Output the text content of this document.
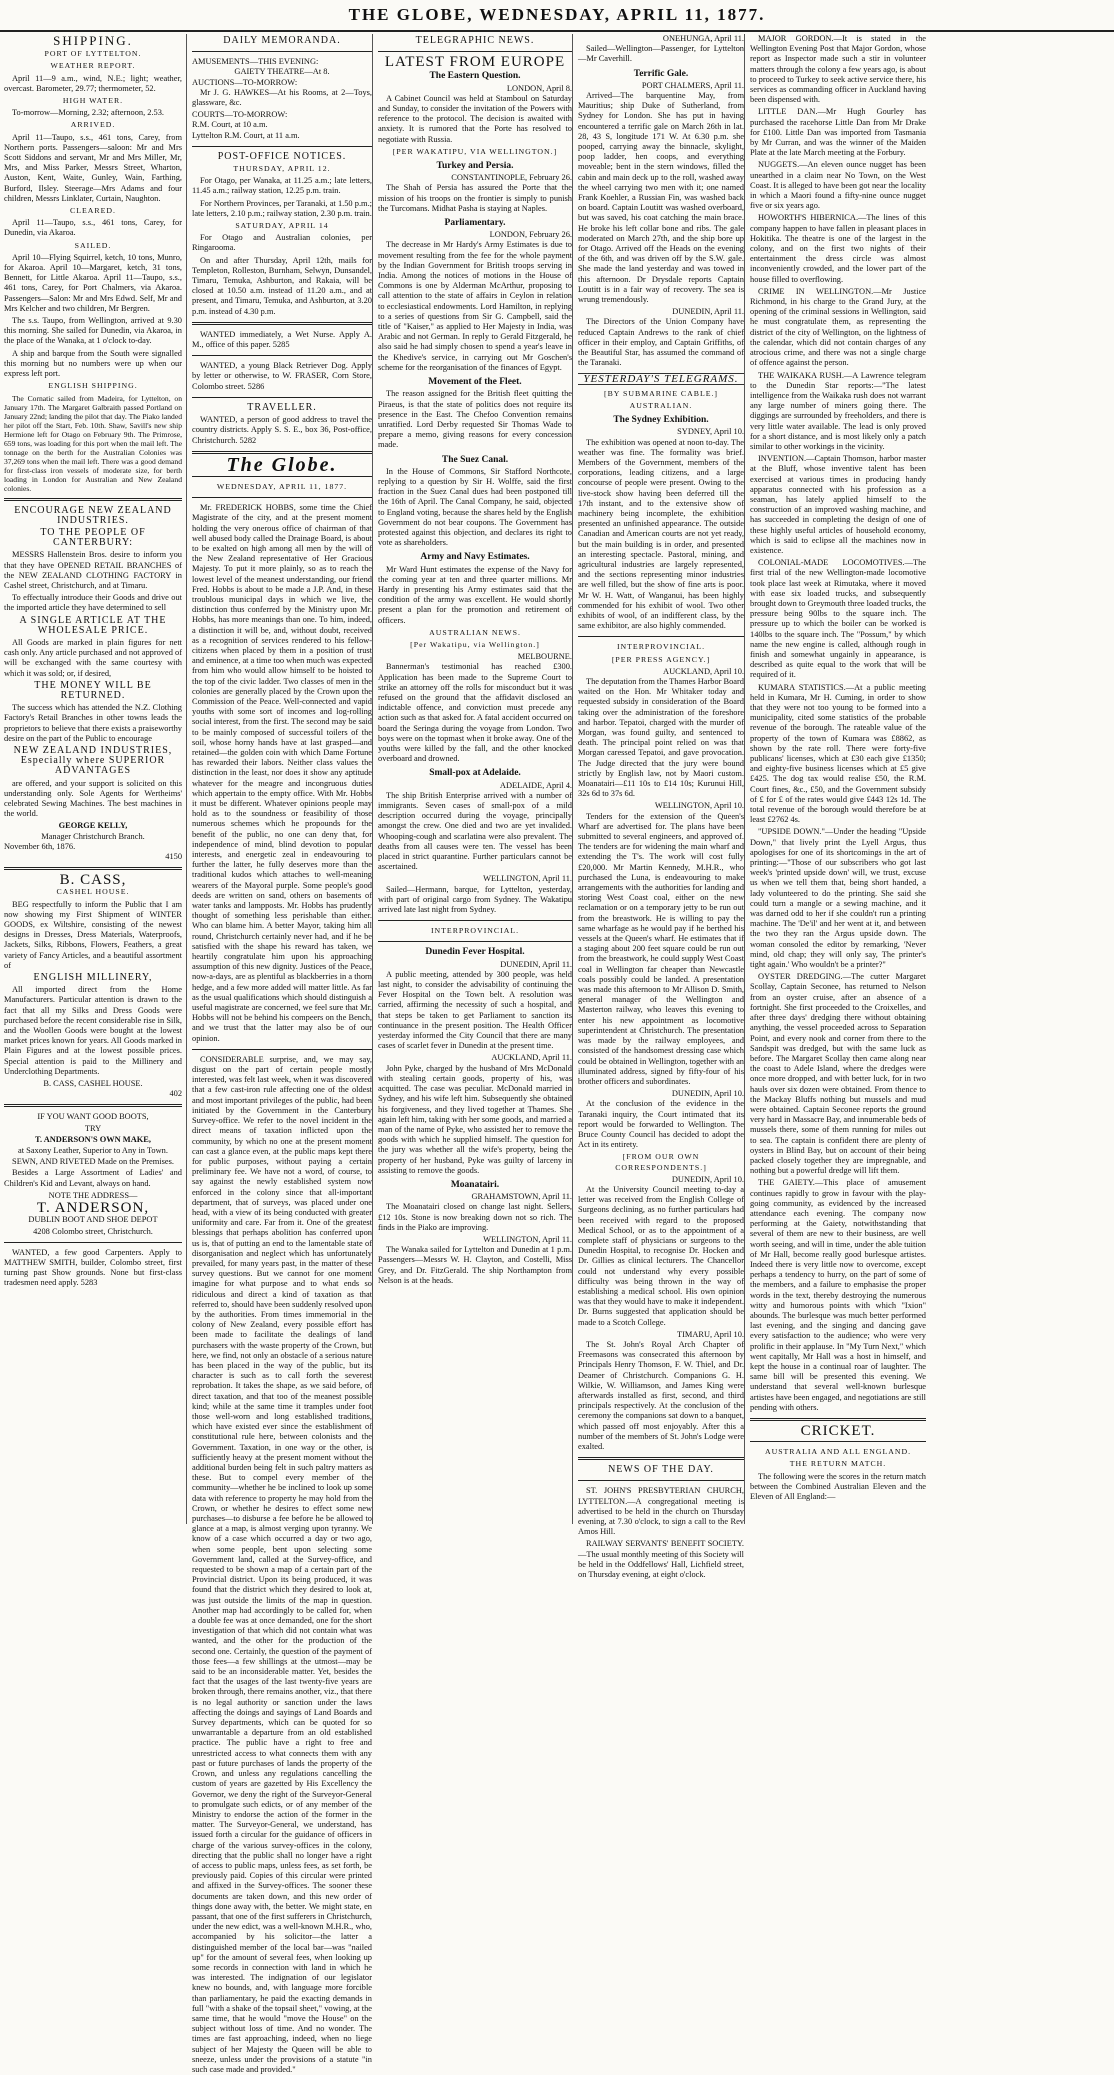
THE GLOBE, WEDNESDAY, APRIL 11, 1877.
SHIPPING.
PORT OF LYTTELTON.
WEATHER REPORT.

April 11—9 a.m., wind, N.E.; light; weather, overcast. Barometer, 29.77; thermometer, 52.

HIGH WATER.

To-morrow—Morning, 2.32; afternoon, 2.53.

ARRIVED.

April 11—Taupo, s.s., 461 tons, Carey, from Northern ports. Passengers—saloon: Mr and Mrs Scott Siddons and servant, Mr and Mrs Miller, Mr, Mrs, and Miss Parker, Messrs Street, Wharton, Auston, Kent, Waite, Gunley, Wain, Farthing, Burford, Ilsley. Steerage—Mrs Adams and four children, Messrs Linklater, Curtain, Naughton.

CLEARED.

April 11—Taupo, s.s., 461 tons, Carey, for Dunedin, via Akaroa.

SAILED.

April 10—Flying Squirrel, ketch, 10 tons, Munro, for Akaroa. April 10—Margaret, ketch, 31 tons, Bennett, for Little Akaroa. April 11—Taupo, s.s., 461 tons, Carey, for Port Chalmers, via Akaroa. Passengers—Salon: Mr and Mrs Edwd. Self, Mr and Mrs Kelcher and two children, Mr Bergren.

The s.s. Taupo, from Wellington, arrived at 9.30 this morning. She sailed for Dunedin, via Akaroa, in the place of the Wanaka, at 1 o'clock to-day.

A ship and barque from the South were signalled this morning but no numbers were up when our express left port.

ENGLISH SHIPPING.

The Cornatic sailed from Madeira, for Lyttelton, on January 17th. The Margaret Galbraith passed Portland on January 22nd; landing the pilot that day. The Piako landed her pilot off the Start, Feb. 10th. Shaw, Savill's new ship Hermione left for Otago on February 9th. The Primrose, 659 tons, was loading for this port when the mail left. The tonnage on the berth for the Australian Colonies was 37,269 tons when the mail left. There was a good demand for first-class iron vessels of moderate size, for berth loading in London for Australian and New Zealand colonies.

ENCOURAGE NEW ZEALAND INDUSTRIES.
TO THE PEOPLE OF CANTERBURY:

MESSRS Hallenstein Bros. desire to inform you that they have OPENED RETAIL BRANCHES of the NEW ZEALAND CLOTHING FACTORY in Cashel street, Christchurch, and at Timaru.

To effectually introduce their Goods and drive out the imported article they have determined to sell

A SINGLE ARTICLE AT THE WHOLESALE PRICE.

All Goods are marked in plain figures for nett cash only. Any article purchased and not approved of will be exchanged with the same courtesy with which it was sold; or, if desired,

THE MONEY WILL BE RETURNED.

The success which has attended the N.Z. Clothing Factory's Retail Branches in other towns leads the proprietors to believe that there exists a praiseworthy desire on the part of the Public to encourage

NEW ZEALAND INDUSTRIES, Especially where SUPERIOR ADVANTAGES

are offered, and your support is solicited on this understanding only. Sole Agents for Wertheims' celebrated Sewing Machines. The best machines in the world.

GEORGE KELLY,
Manager Christchurch Branch.
November 6th, 1876.
4150
B. CASS,
CASHEL HOUSE.

BEG respectfully to inform the Public that I am now showing my First Shipment of WINTER GOODS, ex Wiltshire, consisting of the newest designs in Dresses, Dress Materials, Waterproofs, Jackets, Silks, Ribbons, Flowers, Feathers, a great variety of Fancy Articles, and a beautiful assortment of

ENGLISH MILLINERY,

All imported direct from the Home Manufacturers. Particular attention is drawn to the fact that all my Silks and Dress Goods were purchased before the recent considerable rise in Silk, and the Woollen Goods were bought at the lowest market prices known for years. All Goods marked in Plain Figures and at the lowest possible prices. Special attention is paid to the Millinery and Underclothing Departments.

B. CASS, CASHEL HOUSE.
402
IF YOU WANT GOOD BOOTS,
TRY
T. ANDERSON'S OWN MAKE,
at Saxony Leather, Superior to Any in Town.
SEWN, AND RIVETED Made on the Premises.

Besides a Large Assortment of Ladies' and Children's Kid and Levant, always on hand.

NOTE THE ADDRESS—
T. ANDERSON,
DUBLIN BOOT AND SHOE DEPOT
4208 Colombo street, Christchurch.

WANTED, a few good Carpenters. Apply to MATTHEW SMITH, builder, Colombo street, first turning past Show grounds. None but first-class tradesmen need apply. 5283

DAILY MEMORANDA.
AMUSEMENTS—THIS EVENING:
GAIETY THEATRE—At 8.
AUCTIONS—TO-MORROW:

Mr J. G. HAWKES—At his Rooms, at 2—Toys, glassware, &c.

COURTS—TO-MORROW:
R.M. Court, at 10 a.m.
Lyttelton R.M. Court, at 11 a.m.
POST-OFFICE NOTICES.
THURSDAY, APRIL 12.

For Otago, per Wanaka, at 11.25 a.m.; late letters, 11.45 a.m.; railway station, 12.25 p.m. train.

For Northern Provinces, per Taranaki, at 1.50 p.m.; late letters, 2.10 p.m.; railway station, 2.30 p.m. train.

SATURDAY, APRIL 14

For Otago and Australian colonies, per Ringarooma.

On and after Thursday, April 12th, mails for Templeton, Rolleston, Burnham, Selwyn, Dunsandel, Timaru, Temuka, Ashburton, and Rakaia, will be closed at 10.50 a.m. instead of 11.20 a.m., and at present, and Timaru, Temuka, and Ashburton, at 3.20 p.m. instead of 4.30 p.m.

WANTED immediately, a Wet Nurse. Apply A. M., office of this paper. 5285

WANTED, a young Black Retriever Dog. Apply by letter or otherwise, to W. FRASER, Corn Store, Colombo street. 5286

TRAVELLER.

WANTED, a person of good address to travel the country districts. Apply S. S. E., box 36, Post-office, Christchurch. 5282

The Globe.
WEDNESDAY, APRIL 11, 1877.

Mr. FREDERICK HOBBS, some time the Chief Magistrate of the city, and at the present moment holding the very onerous office of chairman of that well abused body called the Drainage Board, is about to be exalted on high among all men by the will of the New Zealand representative of Her Gracious Majesty. To put it more plainly, so as to reach the lowest level of the meanest understanding, our friend Fred. Hobbs is about to be made a J.P. And, in these troublous municipal days in which we live, the distinction thus conferred by the Ministry upon Mr. Hobbs, has more meanings than one. To him, indeed, a distinction it will be, and, without doubt, received as a recognition of services rendered to his fellow-citizens when placed by them in a position of trust and eminence, at a time too when much was expected from him who would allow himself to be hoisted to the top of the civic ladder. Two classes of men in the colonies are generally placed by the Crown upon the Commission of the Peace. Well-connected and vapid youths with some sort of incomes and log-rolling social interest, from the first. The second may be said to be mainly composed of successful toilers of the soil, whose horny hands have at last grasped—and retained—the golden coin with which Dame Fortune has rewarded their labors. Neither class values the distinction in the least, nor does it show any aptitude whatever for the meagre and incongruous duties which appertain to the empty office. With Mr. Hobbs it must be different. Whatever opinions people may hold as to the soundness or feasibility of those numerous schemes which he propounds for the benefit of the public, no one can deny that, for independence of mind, blind devotion to popular interests, and energetic zeal in endeavouring to further the latter, he fully deserves more than the traditional kudos which attaches to well-meaning wearers of the Mayoral purple. Some people's good deeds are written on sand, others on basements of water tanks and lampposts. Mr. Hobbs has prudently thought of something less perishable than either. Who can blame him. A better Mayor, taking him all round, Christchurch certainly never had, and if he be satisfied with the shape his reward has taken, we heartily congratulate him upon his approaching assumption of this new dignity. Justices of the Peace, now-a-days, are as plentiful as blackberries in a thorn hedge, and a few more added will matter little. As far as the usual qualifications which should distinguish a useful magistrate are concerned, we feel sure that Mr. Hobbs will not be behind his compeers on the Bench, and we trust that the latter may also be of our opinion.

CONSIDERABLE surprise, and, we may say, disgust on the part of certain people mostly interested, was felt last week, when it was discovered that a few cast-iron rule affecting one of the oldest and most important privileges of the public, had been initiated by the Government in the Canterbury Survey-office. We refer to the novel incident in the direct means of taxation inflicted upon the community, by which no one at the present moment can cast a glance even, at the public maps kept there for public purposes, without paying a certain preliminary fee. We have not a word, of course, to say against the newly established system now enforced in the colony since that all-important department, that of surveys, was placed under one head, with a view of its being conducted with greater uniformity and care. Far from it. One of the greatest blessings that perhaps abolition has conferred upon us is, that of putting an end to the lamentable state of disorganisation and neglect which has unfortunately prevailed, for many years past, in the matter of these survey questions. But we cannot for one moment imagine for what purpose and to what ends so ridiculous and direct a kind of taxation as that referred to, should have been suddenly resolved upon by the authorities. From times immemorial in the colony of New Zealand, every possible effort has been made to facilitate the dealings of land purchasers with the waste property of the Crown, but here, we find, not only an obstacle of a serious nature has been placed in the way of the public, but its character is such as to call forth the severest reprobation. It takes the shape, as we said before, of direct taxation, and that too of the meanest possible kind; while at the same time it tramples under foot those well-worn and long established traditions, which have existed ever since the establishment of constitutional rule here, between colonists and the Government. Taxation, in one way or the other, is sufficiently heavy at the present moment without the additional burden being felt in such paltry matters as these. But to compel every member of the community—whether he be inclined to look up some data with reference to property he may hold from the Crown, or whether he desires to effect some new purchases—to disburse a fee before he be allowed to glance at a map, is almost verging upon tyranny. We know of a case which occurred a day or two ago, when some people, bent upon selecting some Government land, called at the Survey-office, and requested to be shown a map of a certain part of the Provincial district. Upon its being produced, it was found that the district which they desired to look at, was just outside the limits of the map in question. Another map had accordingly to be called for, when a double fee was at once demanded, one for the short investigation of that which did not contain what was wanted, and the other for the production of the second one. Certainly, the question of the payment of those fees—a few shillings at the utmost—may be said to be an inconsiderable matter. Yet, besides the fact that the usages of the last twenty-five years are broken through, there remains another, viz., that there is no legal authority or sanction under the laws affecting the doings and sayings of Land Boards and Survey departments, which can be quoted for so unwarrantable a departure from an old established practice. The public have a right to free and unrestricted access to what connects them with any past or future purchases of lands the property of the Crown, and unless any regulations cancelling the custom of years are gazetted by His Excellency the Governor, we deny the right of the Surveyor-General to promulgate such edicts, or of any member of the Ministry to endorse the action of the former in the matter. The Surveyor-General, we understand, has issued forth a circular for the guidance of officers in charge of the various survey-offices in the colony, directing that the public shall no longer have a right of access to public maps, unless fees, as set forth, be previously paid. Copies of this circular were printed and affixed in the Survey-offices. The sooner these documents are taken down, and this new order of things done away with, the better. We might state, en passant, that one of the first sufferers in Christchurch, under the new edict, was a well-known M.H.R., who, accompanied by his solicitor—the latter a distinguished member of the local bar—was "nailed up" for the amount of several fees, when looking up some records in connection with land in which he was interested. The indignation of our legislator knew no bounds, and, with language more forcible than parliamentary, he paid the exacting demands in full "with a shake of the topsail sheet," vowing, at the same time, that he would "move the House" on the subject without loss of time. And no wonder. The times are fast approaching, indeed, when no liege subject of her Majesty the Queen will be able to sneeze, unless under the provisions of a statute "in such case made and provided."

TELEGRAPHIC NEWS.
LATEST FROM EUROPE
The Eastern Question.
LONDON, April 8.

A Cabinet Council was held at Stamboul on Saturday and Sunday, to consider the invitation of the Powers with reference to the protocol. The decision is awaited with anxiety. It is rumored that the Porte has resolved to negotiate with Russia.

[PER WAKATIPU, VIA WELLINGTON.]
Turkey and Persia.
CONSTANTINOPLE, February 26.

The Shah of Persia has assured the Porte that the mission of his troops on the frontier is simply to punish the Turcomans. Midhat Pasha is staying at Naples.

Parliamentary.
LONDON, February 26.

The decrease in Mr Hardy's Army Estimates is due to movement resulting from the fee for the whole payment by the Indian Government for British troops serving in India. Among the notices of motions in the House of Commons is one by Alderman McArthur, proposing to call attention to the state of affairs in Ceylon in relation to ecclesiastical endowments. Lord Hamilton, in replying to a series of questions from Sir G. Campbell, said the title of "Kaiser," as applied to Her Majesty in India, was Arabic and not German. In reply to Gerald Fitzgerald, he also said he had simply chosen to spend a year's leave in the Khedive's service, in carrying out Mr Goschen's scheme for the reorganisation of the finances of Egypt.

Movement of the Fleet.

The reason assigned for the British fleet quitting the Piraeus, is that the state of politics does not require its presence in the East. The Chefoo Convention remains unratified. Lord Derby requested Sir Thomas Wade to prepare a memo, giving reasons for every concession made.

The Suez Canal.

In the House of Commons, Sir Stafford Northcote, replying to a question by Sir H. Wolffe, said the first fraction in the Suez Canal dues had been postponed till the 16th of April. The Canal Company, he said, objected to England voting, because the shares held by the English Government do not bear coupons. The Government has protested against this objection, and declares its right to vote as shareholders.

Army and Navy Estimates.

Mr Ward Hunt estimates the expense of the Navy for the coming year at ten and three quarter millions. Mr Hardy in presenting his Army estimates said that the condition of the army was excellent. He would shortly present a plan for the promotion and retirement of officers.

AUSTRALIAN NEWS.
[Per Wakatipu, via Wellington.]
MELBOURNE.

Bannerman's testimonial has reached £300. Application has been made to the Supreme Court to strike an attorney off the rolls for misconduct but it was refused on the ground that the affidavit disclosed an indictable offence, and conviction must precede any action such as that asked for. A fatal accident occurred on board the Seringa during the voyage from London. Two boys were on the topmast when it broke away. One of the youths were killed by the fall, and the other knocked overboard and drowned.

Small-pox at Adelaide.
ADELAIDE, April 4.

The ship British Enterprise arrived with a number of immigrants. Seven cases of small-pox of a mild description occurred during the voyage, principally amongst the crew. One died and two are yet invalided. Whooping-cough and scarlatina were also prevalent. The deaths from all causes were ten. The vessel has been placed in strict quarantine. Further particulars cannot be ascertained.

WELLINGTON, April 11.

Sailed—Hermann, barque, for Lyttelton, yesterday, with part of original cargo from Sydney. The Wakatipu arrived late last night from Sydney.

INTERPROVINCIAL.
Dunedin Fever Hospital.
DUNEDIN, April 11.

A public meeting, attended by 300 people, was held last night, to consider the advisability of continuing the Fever Hospital on the Town belt. A resolution was carried, affirming the necessity of such a hospital, and that steps be taken to get Parliament to sanction its continuance in the present position. The Health Officer yesterday informed the City Council that there are many cases of scarlet fever in Dunedin at the present time.

AUCKLAND, April 11.

John Pyke, charged by the husband of Mrs McDonald with stealing certain goods, property of his, was acquitted. The case was peculiar. McDonald married in Sydney, and his wife left him. Subsequently she obtained his forgiveness, and they lived together at Thames. She again left him, taking with her some goods, and married a man of the name of Pyke, who assisted her to remove the goods with which he supplied himself. The question for the jury was whether all the wife's property, being the property of her husband, Pyke was guilty of larceny in assisting to remove the goods.

Moanatairi.
GRAHAMSTOWN, April 11.

The Moanatairi closed on change last night. Sellers, £12 10s. Stone is now breaking down not so rich. The finds in the Piako are improving.

WELLINGTON, April 11.

The Wanaka sailed for Lyttelton and Dunedin at 1 p.m. Passengers—Messrs W. H. Clayton, and Costelli, Miss Grey, and Dr. FitzGerald. The ship Northampton from Nelson is at the heads.

ONEHUNGA, April 11.

Sailed—Wellington—Passenger, for Lyttelton—Mr Caverhill.

Terrific Gale.
PORT CHALMERS, April 11.

Arrived—The barquentine May, from Mauritius; ship Duke of Sutherland, from Sydney for London. She has put in having encountered a terrific gale on March 26th in lat. 28, 43 S, longitude 171 W. At 6.30 p.m. she pooped, carrying away the binnacle, skylight, poop ladder, hen coops, and everything moveable; bent in the stern windows, filled the cabin and main deck up to the roll, washed away the wheel carrying two men with it; one named Frank Koehler, a Russian Fin, was washed back on board. Captain Loutitt was washed overboard, but was saved, his coat catching the main brace. He broke his left collar bone and ribs. The gale moderated on March 27th, and the ship bore up for Otago. Arrived off the Heads on the evening of the 6th, and was driven off by the S.W. gale. She made the land yesterday and was towed in this afternoon. Dr Drysdale reports Captain Loutitt is in a fair way of recovery. The sea is wrung tremendously.

DUNEDIN, April 11.

The Directors of the Union Company have reduced Captain Andrews to the rank of chief officer in their employ, and Captain Griffiths, of the Beautiful Star, has assumed the command of the Taranaki.

YESTERDAY'S TELEGRAMS.
[BY SUBMARINE CABLE.]
AUSTRALIAN.
The Sydney Exhibition.
SYDNEY, April 10.

The exhibition was opened at noon to-day. The weather was fine. The formality was brief. Members of the Government, members of the corporations, leading citizens, and a large concourse of people were present. Owing to the live-stock show having been deferred till the 17th instant, and to the extensive show of machinery being incomplete, the exhibition presented an unfinished appearance. The outside Canadian and American courts are not yet ready, but the main building is in order, and presented an interesting spectacle. Pastoral, mining, and agricultural industries are largely represented, and the sections representing minor industries are well filled, but the show of fine arts is poor. Mr W. H. Watt, of Wanganui, has been highly commended for his exhibit of wool. Two other exhibits of wool, of an indifferent class, by the same exhibitor, are also highly commended.

INTERPROVINCIAL.
[PER PRESS AGENCY.]
AUCKLAND, April 10.

The deputation from the Thames Harbor Board waited on the Hon. Mr Whitaker today and requested subsidy in consideration of the Board taking over the administration of the foreshore and harbor. Tepatoi, charged with the murder of Morgan, was found guilty, and sentenced to death. The principal point relied on was that Morgan caressed Tepatoi, and gave provocation. The Judge directed that the jury were bound strictly by English law, not by Maori custom. Moanatairi—£11 10s to £14 10s; Kurunui Hill, 32s 6d to 37s 6d.

WELLINGTON, April 10.

Tenders for the extension of the Queen's Wharf are advertised for. The plans have been submitted to several engineers, and approved of. The tenders are for widening the main wharf and extending the T's. The work will cost fully £20,000. Mr Martin Kennedy, M.H.R., who purchased the Luna, is endeavouring to make arrangements with the authorities for landing and storing West Coast coal, either on the new reclamation or on a temporary jetty to be run out from the breastwork. He is willing to pay the same wharfage as he would pay if he berthed his vessels at the Queen's wharf. He estimates that if a staging about 200 feet square could be run out from the breastwork, he could supply West Coast coal in Wellington far cheaper than Newcastle coals possibly could be landed. A presentation was made this afternoon to Mr Allison D. Smith, general manager of the Wellington and Masterton railway, who leaves this evening to enter his new appointment as locomotive superintendent at Christchurch. The presentation was made by the railway employees, and consisted of the handsomest dressing case which could be obtained in Wellington, together with an illuminated address, signed by fifty-four of his brother officers and subordinates.

DUNEDIN, April 10.

At the conclusion of the evidence in the Taranaki inquiry, the Court intimated that its report would be forwarded to Wellington. The Bruce County Council has decided to adopt the Act in its entirety.

[FROM OUR OWN CORRESPONDENTS.]
DUNEDIN, April 10.

At the University Council meeting to-day a letter was received from the English College of Surgeons declining, as no further particulars had been received with regard to the proposed Medical School, or as to the appointment of a complete staff of physicians or surgeons to the Dunedin Hospital, to recognise Dr. Hocken and Dr. Gillies as clinical lecturers. The Chancellor could not understand why every possible difficulty was being thrown in the way of establishing a medical school. His own opinion was that they would have to make it independent. Dr. Burns suggested that application should be made to a Scotch College.

TIMARU, April 10.

The St. John's Royal Arch Chapter of Freemasons was consecrated this afternoon by Principals Henry Thomson, F. W. Thiel, and Dr. Deamer of Christchurch. Companions G. H. Wilkie, W. Williamson, and James King were afterwards installed as first, second, and third principals respectively. At the conclusion of the ceremony the companions sat down to a banquet, which passed off most enjoyably. After this a number of the members of St. John's Lodge were exalted.

NEWS OF THE DAY.

ST. JOHN'S PRESBYTERIAN CHURCH, LYTTELTON.—A congregational meeting is advertised to be held in the church on Thursday evening, at 7.30 o'clock, to sign a call to the Rev Amos Hill.

RAILWAY SERVANTS' BENEFIT SOCIETY.—The usual monthly meeting of this Society will be held in the Oddfellows' Hall, Lichfield street, on Thursday evening, at eight o'clock.

MAJOR GORDON.—It is stated in the Wellington Evening Post that Major Gordon, whose report as Inspector made such a stir in volunteer matters through the colony a few years ago, is about to proceed to Turkey to seek active service there, his services as commanding officer in Auckland having been dispensed with.

LITTLE DAN.—Mr Hugh Gourley has purchased the racehorse Little Dan from Mr Drake for £100. Little Dan was imported from Tasmania by Mr Curran, and was the winner of the Maiden Plate at the late March meeting at the Forbury.

NUGGETS.—An eleven ounce nugget has been unearthed in a claim near No Town, on the West Coast. It is alleged to have been got near the locality in which a Maori found a fifty-nine ounce nugget five or six years ago.

HOWORTH'S HIBERNICA.—The lines of this company happen to have fallen in pleasant places in Hokitika. The theatre is one of the largest in the colony, and on the first two nights of their entertainment the dress circle was almost inconveniently crowded, and the lower part of the house filled to overflowing.

CRIME IN WELLINGTON.—Mr Justice Richmond, in his charge to the Grand Jury, at the opening of the criminal sessions in Wellington, said he must congratulate them, as representing the district of the city of Wellington, on the lightness of the calendar, which did not contain charges of any atrocious crime, and there was not a single charge of offence against the person.

THE WAIKAKA RUSH.—A Lawrence telegram to the Dunedin Star reports:—"The latest intelligence from the Waikaka rush does not warrant any large number of miners going there. The diggings are surrounded by freeholders, and there is very little water available. The lead is only proved for a short distance, and is most likely only a patch similar to other workings in the vicinity.

INVENTION.—Captain Thomson, harbor master at the Bluff, whose inventive talent has been exercised at various times in producing handy apparatus connected with his profession as a seaman, has lately applied himself to the construction of an improved washing machine, and has succeeded in completing the design of one of these highly useful articles of household economy, which is said to eclipse all the machines now in existence.

COLONIAL-MADE LOCOMOTIVES.—The first trial of the new Wellington-made locomotive took place last week at Rimutaka, where it moved with ease six loaded trucks, and subsequently brought down to Greymouth three loaded trucks, the pressure being 90lbs to the square inch. The pressure up to which the boiler can be worked is 140lbs to the square inch. The "Possum," by which name the new engine is called, although rough in finish and somewhat ungainly in appearance, is described as quite equal to the work that will be required of it.

KUMARA STATISTICS.—At a public meeting held in Kumara, Mr H. Cuming, in order to show that they were not too young to be formed into a municipality, cited some statistics of the probable revenue of the borough. The rateable value of the property of the town of Kumara was £8862, as shown by the rate roll. There were forty-five publicans' licenses, which at £30 each give £1350; and eighty-five business licenses which at £5 give £425. The dog tax would realise £50, the R.M. Court fines, &c., £50, and the Government subsidy of £ for £ of the rates would give £443 12s 1d. The total revenue of the borough would therefore be at least £2762 4s.

"UPSIDE DOWN."—Under the heading "Upside Down," that lively print the Lyell Argus, thus apologises for one of its shortcomings in the art of printing:—"Those of our subscribers who got last week's 'printed upside down' will, we trust, excuse us when we tell them that, being short handed, a lady volunteered to do the printing. She said she could turn a mangle or a sewing machine, and it was darned odd to her if she couldn't run a printing machine. The 'De'il' and her went at it, and between the two they ran the Argus upside down. The woman consoled the editor by remarking, 'Never mind, old chap; they will only say, The printer's tight again.' Who wouldn't be a printer?"

OYSTER DREDGING.—The cutter Margaret Scollay, Captain Seconee, has returned to Nelson from an oyster cruise, after an absence of a fortnight. She first proceeded to the Croixelles, and after three days' dredging there without obtaining anything, the vessel proceeded across to Separation Point, and every nook and corner from there to the Sandspit was dredged, but with the same luck as before. The Margaret Scollay then came along near the coast to Adele Island, where the dredges were once more dropped, and with better luck, for in two hauls over six dozen were obtained. From thence to the Mackay Bluffs nothing but mussels and mud were obtained. Captain Seconee reports the ground very hard in Massacre Bay, and innumerable beds of mussels there, some of them running for miles out to sea. The captain is confident there are plenty of oysters in Blind Bay, but on account of their being packed closely together they are impregnable, and nothing but a powerful dredge will lift them.

THE GAIETY.—This place of amusement continues rapidly to grow in favour with the play-going community, as evidenced by the increased attendance each evening. The company now performing at the Gaiety, notwithstanding that several of them are new to their business, are well worth seeing, and will in time, under the able tuition of Mr Hall, become really good burlesque artistes. Indeed there is very little now to overcome, except perhaps a tendency to hurry, on the part of some of the members, and a failure to emphasise the proper words in the text, thereby destroying the numerous witty and humorous points with which "Ixion" abounds. The burlesque was much better performed last evening, and the singing and dancing gave every satisfaction to the audience; who were very prolific in their applause. In "My Turn Next," which went capitally, Mr Hall was a host in himself, and kept the house in a continual roar of laughter. The same bill will be presented this evening. We understand that several well-known burlesque artistes have been engaged, and negotiations are still pending with others.

CRICKET.
AUSTRALIA AND ALL ENGLAND.
THE RETURN MATCH.

The following were the scores in the return match between the Combined Australian Eleven and the Eleven of All England:—
